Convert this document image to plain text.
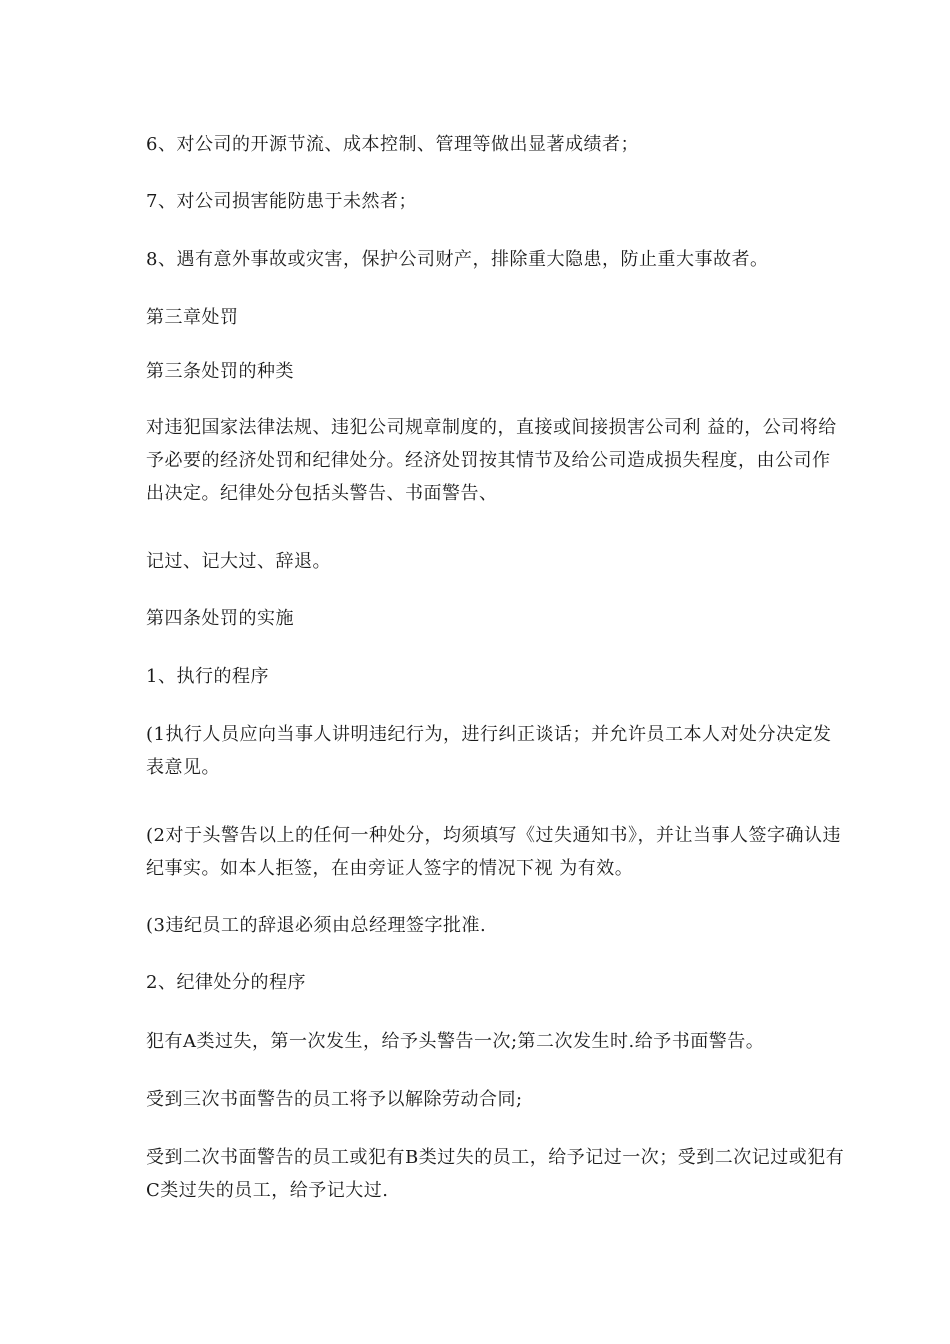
6、对公司的开源节流、成本控制、管理等做出显著成绩者；

7、对公司损害能防患于未然者；

8、遇有意外事故或灾害，保护公司财产，排除重大隐患，防止重大事故者。

第三章处罚

第三条处罚的种类

对违犯国家法律法规、违犯公司规章制度的，直接或间接损害公司利 益的，公司将给予必要的经济处罚和纪律处分。经济处罚按其情节及给公司造成损失程度，由公司作出决定。纪律处分包括头警告、书面警告、

记过、记大过、辞退。

第四条处罚的实施

1、执行的程序

(1执行人员应向当事人讲明违纪行为，进行纠正谈话；并允许员工本人对处分决定发表意见。

(2对于头警告以上的任何一种处分，均须填写《过失通知书》，并让当事人签字确认违纪事实。如本人拒签，在由旁证人签字的情况下视 为有效。

(3违纪员工的辞退必须由总经理签字批准.

2、纪律处分的程序

犯有A类过失，第一次发生，给予头警告一次;第二次发生时.给予书面警告。

受到三次书面警告的员工将予以解除劳动合同;

受到二次书面警告的员工或犯有B类过失的员工，给予记过一次；受到二次记过或犯有 C类过失的员工，给予记大过.
